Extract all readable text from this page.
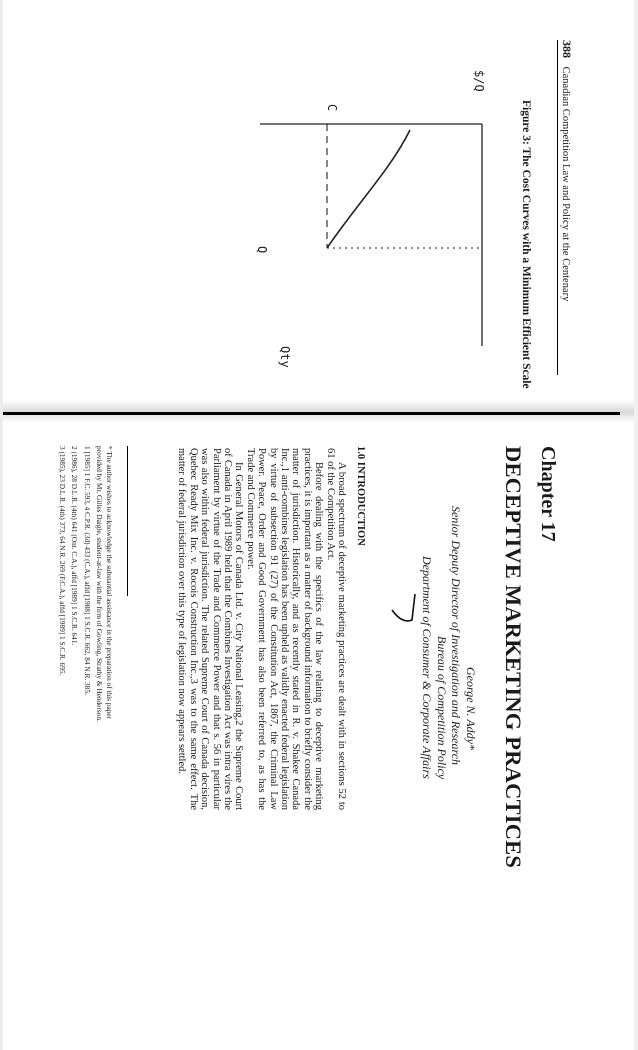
388 Canadian Competition Law and Policy at the Centenary
Figure 3: The Cost Curves with a Minimum Efficient Scale
$/Q
Qty
C
Q
Chapter 17
DECEPTIVE MARKETING PRACTICES
George N. Addy*
Senior Deputy Director of Investigation and Research
Bureau of Competition Policy
Department of Consumer & Corporate Affairs
1.0 INTRODUCTION

A broad spectrum of deceptive marketing practices are dealt with in sections 52 to 61 of the Competition Act.

Before dealing with the specifics of the law relating to deceptive marketing practices, it is important as a matter of background information to briefly consider the matter of jurisdiction. Historically, and as recently stated in R. v. Shakee Canada Inc.,1 anti-combines legislation has been upheld as validly enacted federal legislation by virtue of subsection 91 (27) of the Constitution Act, 1867, the Criminal Law Power. Peace, Order and Good Government has also been referred to, as has the Trade and Commerce power.

In General Motors of Canada Ltd. v. City National Leasing,2 the Supreme Court of Canada in April 1989 held that the Combines Investigation Act was intra vires the Parliament by virtue of the Trade and Commerce Power and that s. 56 in particular was also within federal jurisdiction. The related Supreme Court of Canada decision, Quebec Ready Mix Inc. v. Rocois Construction Inc.,3 was to the same effect. The matter of federal jurisdiction over this type of legislation now appears settled.

* The author wishes to acknowledge the substantial assistance in the preparation of this paper
provided by Mr. Gilles Daigle, student-at-law with the firm of Gowling, Strathy & Henderson.
1 [1985] 1 F.C. 593, 4 C.P.R. (3d) 433 (C.A.), affd [1988] 1 S.C.R. 662, 84 N.R. 385.
2 (1986), 28 D.L.R. (4th) 641 (Ont. C.A.), affd [1989] 1 S.C.R. 641.
3 (1985), 23 D.L.R. (4th) 373, 64 N.R. 269 (F.C.A.), affd [1989] 1 S.C.R. 695.
